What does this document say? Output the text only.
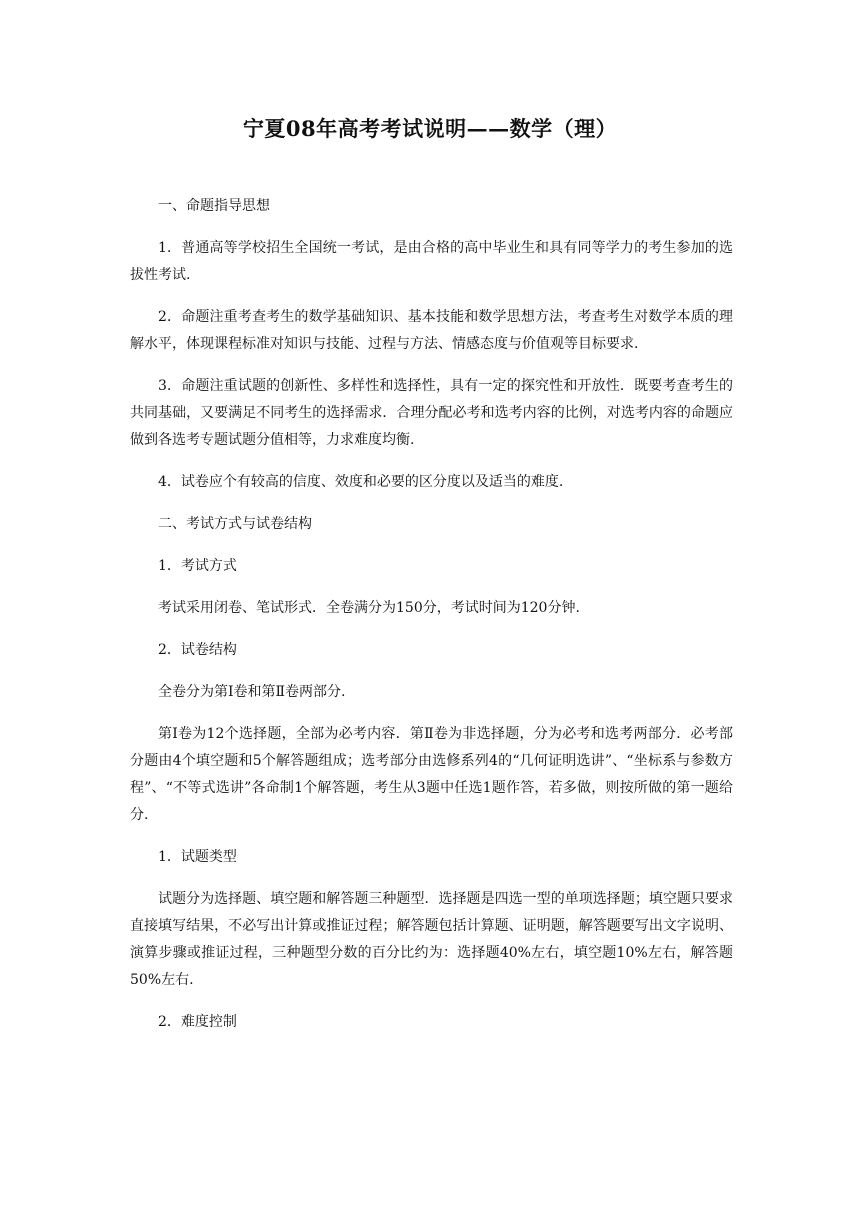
宁夏08年高考考试说明——数学（理）

一、命题指导思想

1．普通高等学校招生全国统一考试，是由合格的高中毕业生和具有同等学力的考生参加的选拔性考试.

2．命题注重考查考生的数学基础知识、基本技能和数学思想方法，考查考生对数学本质的理解水平，体现课程标准对知识与技能、过程与方法、情感态度与价值观等目标要求.

3．命题注重试题的创新性、多样性和选择性，具有一定的探究性和开放性．既要考查考生的共同基础，又要满足不同考生的选择需求．合理分配必考和选考内容的比例，对选考内容的命题应做到各选考专题试题分值相等，力求难度均衡.

4．试卷应个有较高的信度、效度和必要的区分度以及适当的难度.

二、考试方式与试卷结构

1．考试方式

考试采用闭卷、笔试形式．全卷满分为150分，考试时间为120分钟.

2．试卷结构

全卷分为第Ⅰ卷和第Ⅱ卷两部分.

第Ⅰ卷为12个选择题，全部为必考内容．第Ⅱ卷为非选择题，分为必考和选考两部分．必考部分题由4个填空题和5个解答题组成；选考部分由选修系列4的“几何证明选讲”、“坐标系与参数方程”、“不等式选讲”各命制1个解答题，考生从3题中任选1题作答，若多做，则按所做的第一题给分.

1．试题类型

试题分为选择题、填空题和解答题三种题型．选择题是四选一型的单项选择题；填空题只要求直接填写结果，不必写出计算或推证过程；解答题包括计算题、证明题，解答题要写出文字说明、演算步骤或推证过程，三种题型分数的百分比约为：选择题40%左右，填空题10%左右，解答题50%左右.

2．难度控制
